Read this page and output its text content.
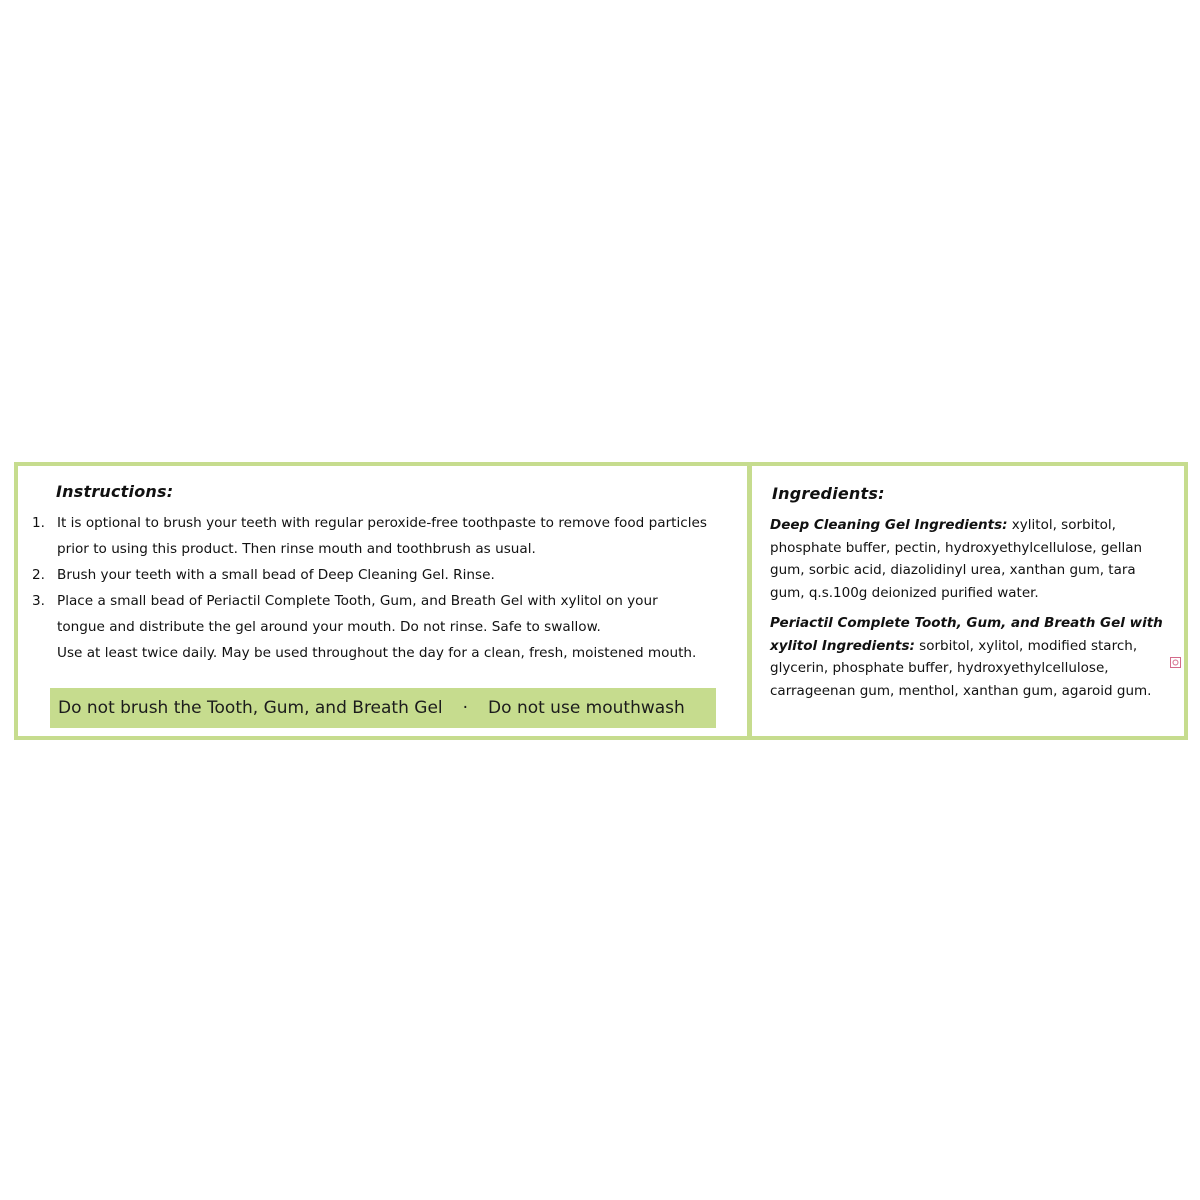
Instructions:
1. It is optional to brush your teeth with regular peroxide-free toothpaste to remove food particles
prior to using this product. Then rinse mouth and toothbrush as usual.
2. Brush your teeth with a small bead of Deep Cleaning Gel. Rinse.
3. Place a small bead of Periactil Complete Tooth, Gum, and Breath Gel with xylitol on your
tongue and distribute the gel around your mouth. Do not rinse. Safe to swallow.
Use at least twice daily. May be used throughout the day for a clean, fresh, moistened mouth.
Do not brush the Tooth, Gum, and Breath Gel · Do not use mouthwash
Ingredients:
Deep Cleaning Gel Ingredients: xylitol, sorbitol,
phosphate buffer, pectin, hydroxyethylcellulose, gellan
gum, sorbic acid, diazolidinyl urea, xanthan gum, tara
gum, q.s.100g deionized purified water.
Periactil Complete Tooth, Gum, and Breath Gel with
xylitol Ingredients: sorbitol, xylitol, modified starch,
glycerin, phosphate buffer, hydroxyethylcellulose,
carrageenan gum, menthol, xanthan gum, agaroid gum.
